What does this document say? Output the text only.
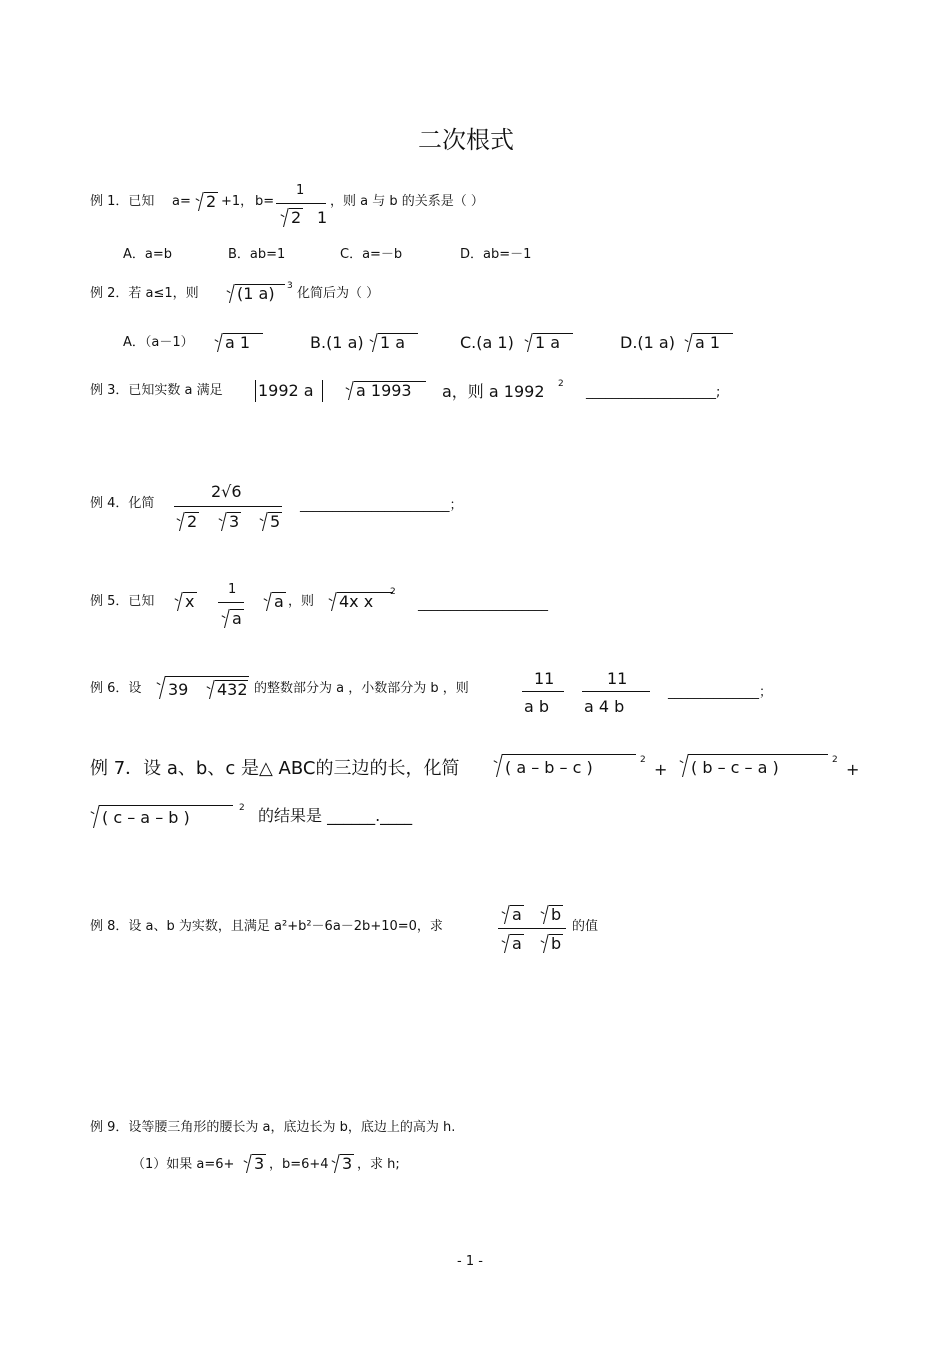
二次根式
例 1．已知 a= 2 +1， b=
1
2 1
，则 a 与 b 的关系是（ ）
A．a=b	B．ab=1	C．a=－b	D．ab=－1
例 2．若 a≤1，则 (1 a) 3 化简后为（ ）
A．（a－1） a 1	B.(1 a) 1 a	C.(a 1) 1 a	D.(1 a) a 1
例 3．已知实数 a 满足 1992 a	a 1993 a，则 a 1992 2
____________________;
例 4．化简
2√6
2 3 5
_______________________；
例 5．已知 x
1
a
a ，则 4x x 2
____________________
例 6．设 39 432 的整数部分为 a ，小数部分为 b ，则
11
a b
11
a 4 b
______________；
例 7．设 a、b、c 是△ ABC的三边的长，化简	( a – b – c )	2 + ( b – c – a )	2 +
( c – a – b )	2 的结果是 ______.____
例 8．设 a、b 为实数，且满足 a²+b²－6a－2b+10=0，求
a b
a b
的值
例 9．设等腰三角形的腰长为 a，底边长为 b，底边上的高为 h.
（1）如果 a=6+ 3 ，b=6+4 3 ，求 h;
- 1 -
